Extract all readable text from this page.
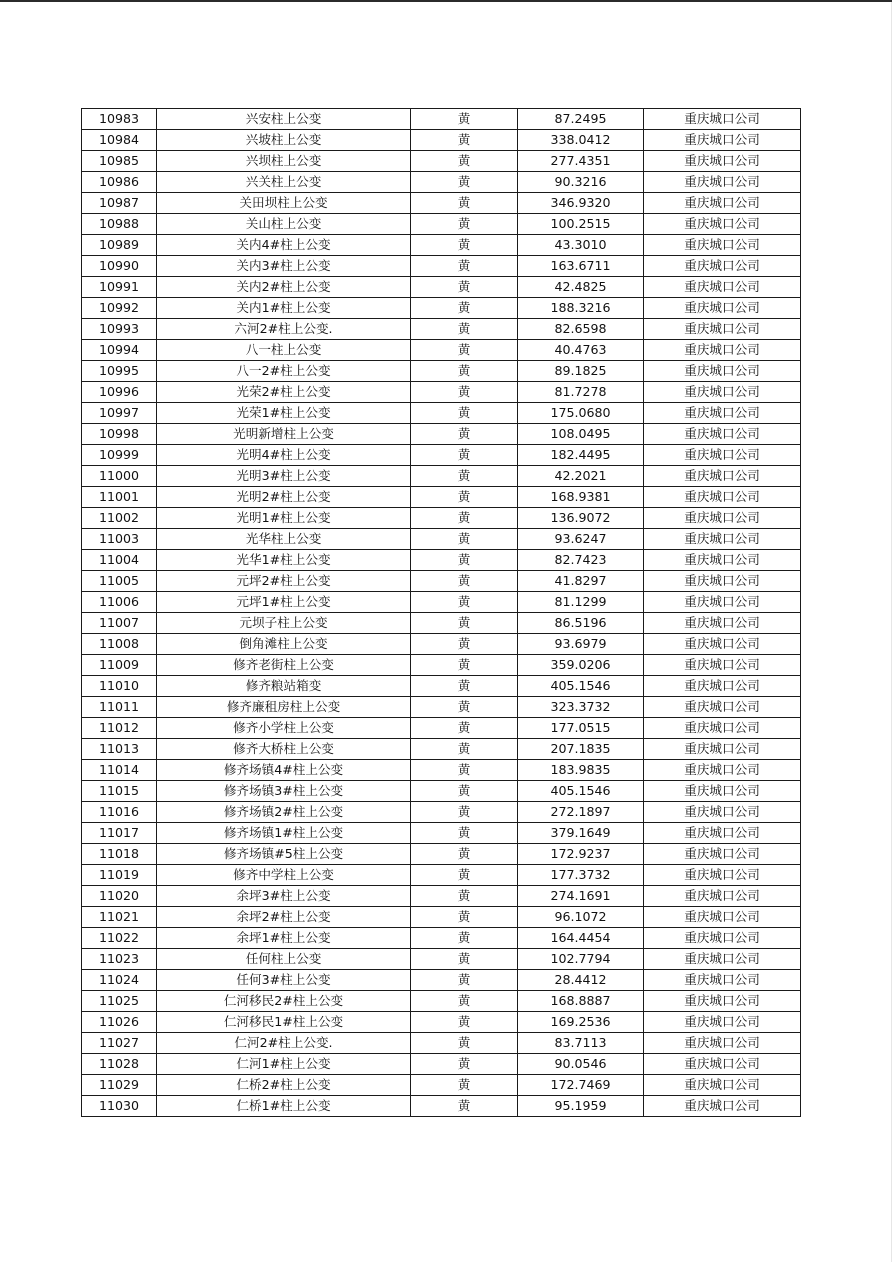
10983	兴安柱上公变	黄	87.2495	重庆城口公司
10984	兴坡柱上公变	黄	338.0412	重庆城口公司
10985	兴坝柱上公变	黄	277.4351	重庆城口公司
10986	兴关柱上公变	黄	90.3216	重庆城口公司
10987	关田坝柱上公变	黄	346.9320	重庆城口公司
10988	关山柱上公变	黄	100.2515	重庆城口公司
10989	关内4#柱上公变	黄	43.3010	重庆城口公司
10990	关内3#柱上公变	黄	163.6711	重庆城口公司
10991	关内2#柱上公变	黄	42.4825	重庆城口公司
10992	关内1#柱上公变	黄	188.3216	重庆城口公司
10993	六河2#柱上公变.	黄	82.6598	重庆城口公司
10994	八一柱上公变	黄	40.4763	重庆城口公司
10995	八一2#柱上公变	黄	89.1825	重庆城口公司
10996	光荣2#柱上公变	黄	81.7278	重庆城口公司
10997	光荣1#柱上公变	黄	175.0680	重庆城口公司
10998	光明新增柱上公变	黄	108.0495	重庆城口公司
10999	光明4#柱上公变	黄	182.4495	重庆城口公司
11000	光明3#柱上公变	黄	42.2021	重庆城口公司
11001	光明2#柱上公变	黄	168.9381	重庆城口公司
11002	光明1#柱上公变	黄	136.9072	重庆城口公司
11003	光华柱上公变	黄	93.6247	重庆城口公司
11004	光华1#柱上公变	黄	82.7423	重庆城口公司
11005	元坪2#柱上公变	黄	41.8297	重庆城口公司
11006	元坪1#柱上公变	黄	81.1299	重庆城口公司
11007	元坝子柱上公变	黄	86.5196	重庆城口公司
11008	倒角滩柱上公变	黄	93.6979	重庆城口公司
11009	修齐老街柱上公变	黄	359.0206	重庆城口公司
11010	修齐粮站箱变	黄	405.1546	重庆城口公司
11011	修齐廉租房柱上公变	黄	323.3732	重庆城口公司
11012	修齐小学柱上公变	黄	177.0515	重庆城口公司
11013	修齐大桥柱上公变	黄	207.1835	重庆城口公司
11014	修齐场镇4#柱上公变	黄	183.9835	重庆城口公司
11015	修齐场镇3#柱上公变	黄	405.1546	重庆城口公司
11016	修齐场镇2#柱上公变	黄	272.1897	重庆城口公司
11017	修齐场镇1#柱上公变	黄	379.1649	重庆城口公司
11018	修齐场镇#5柱上公变	黄	172.9237	重庆城口公司
11019	修齐中学柱上公变	黄	177.3732	重庆城口公司
11020	余坪3#柱上公变	黄	274.1691	重庆城口公司
11021	余坪2#柱上公变	黄	96.1072	重庆城口公司
11022	余坪1#柱上公变	黄	164.4454	重庆城口公司
11023	任何柱上公变	黄	102.7794	重庆城口公司
11024	任何3#柱上公变	黄	28.4412	重庆城口公司
11025	仁河移民2#柱上公变	黄	168.8887	重庆城口公司
11026	仁河移民1#柱上公变	黄	169.2536	重庆城口公司
11027	仁河2#柱上公变.	黄	83.7113	重庆城口公司
11028	仁河1#柱上公变	黄	90.0546	重庆城口公司
11029	仁桥2#柱上公变	黄	172.7469	重庆城口公司
11030	仁桥1#柱上公变	黄	95.1959	重庆城口公司
